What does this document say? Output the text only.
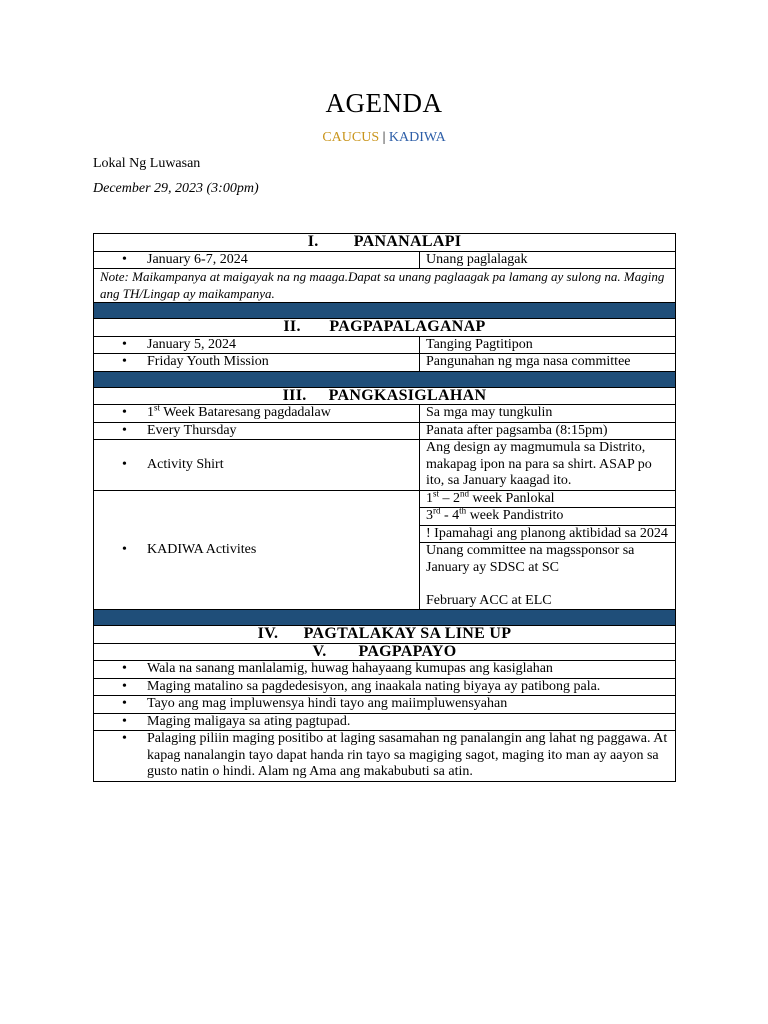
AGENDA
CAUCUS | KADIWA
Lokal Ng Luwasan
December 29, 2023 (3:00pm)
I. PANANALAPI	

• January 6-7, 2024	Unang paglalagak
Note: Maikampanya at maigayak na ng maaga.Dapat sa unang paglaagak pa lamang ay sulong na. Maging ang TH/Lingap ay maikampanya.	

II. PAGPAPALAGANAP	

• January 5, 2024	Tanging Pagtitipon

• Friday Youth Mission	Pangunahan ng mga nasa committee

III. PANGKASIGLAHAN	

• 1st Week Bataresang pagdadalaw	Sa mga may tungkulin

• Every Thursday	Panata after pagsamba (8:15pm)

• Activity Shirt	Ang design ay magmumula sa Distrito, makapag ipon na para sa shirt. ASAP po ito, sa January kaagad ito.

• KADIWA Activites	1st – 2nd week Panlokal
	3rd - 4th week Pandistrito
	! Ipamahagi ang planong aktibidad sa 2024

	Unang committee na magssponsor sa January ay SDSC at SC
February ACC at ELC

IV. PAGTALAKAY SA LINE UP	
V. PAGPAPAYO	

• Wala na sanang manlalamig, huwag hahayaang kumupas ang kasiglahan

• Maging matalino sa pagdedesisyon, ang inaakala nating biyaya ay patibong pala.

• Tayo ang mag impluwensya hindi tayo ang maiimpluwensyahan

• Maging maligaya sa ating pagtupad.

• Palaging piliin maging positibo at laging sasamahan ng panalangin ang lahat ng paggawa. At kapag nanalangin tayo dapat handa rin tayo sa magiging sagot, maging ito man ay aayon sa gusto natin o hindi. Alam ng Ama ang makabubuti sa atin.
